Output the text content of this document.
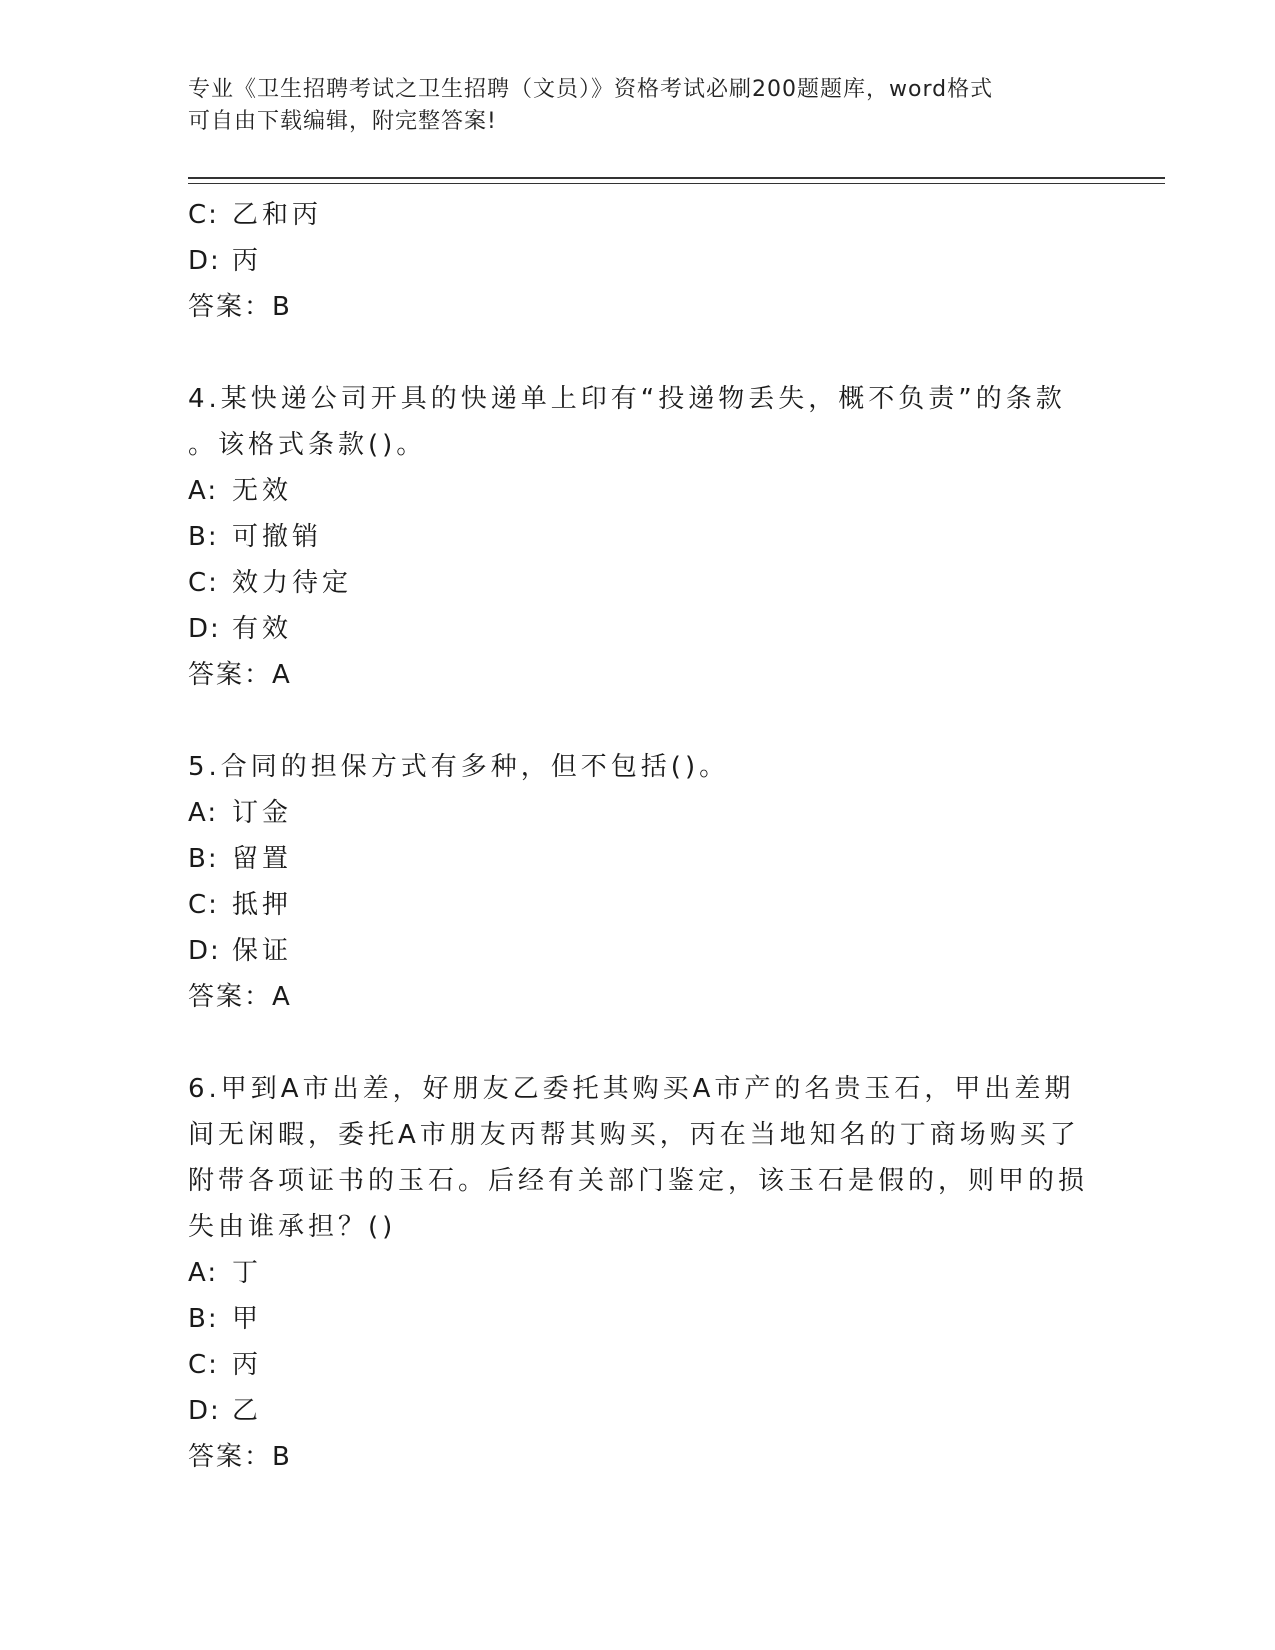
专业《卫生招聘考试之卫生招聘（文员）》资格考试必刷200题题库，word格式
可自由下载编辑，附完整答案!
C: 乙和丙
D: 丙
答案：B
4.某快递公司开具的快递单上印有“投递物丢失，概不负责”的条款
。该格式条款()。
A: 无效
B: 可撤销
C: 效力待定
D: 有效
答案：A
5.合同的担保方式有多种，但不包括()。
A: 订金
B: 留置
C: 抵押
D: 保证
答案：A
6.甲到A市出差，好朋友乙委托其购买A市产的名贵玉石，甲出差期
间无闲暇，委托A市朋友丙帮其购买，丙在当地知名的丁商场购买了
附带各项证书的玉石。后经有关部门鉴定，该玉石是假的，则甲的损
失由谁承担？()
A: 丁
B: 甲
C: 丙
D: 乙
答案：B
